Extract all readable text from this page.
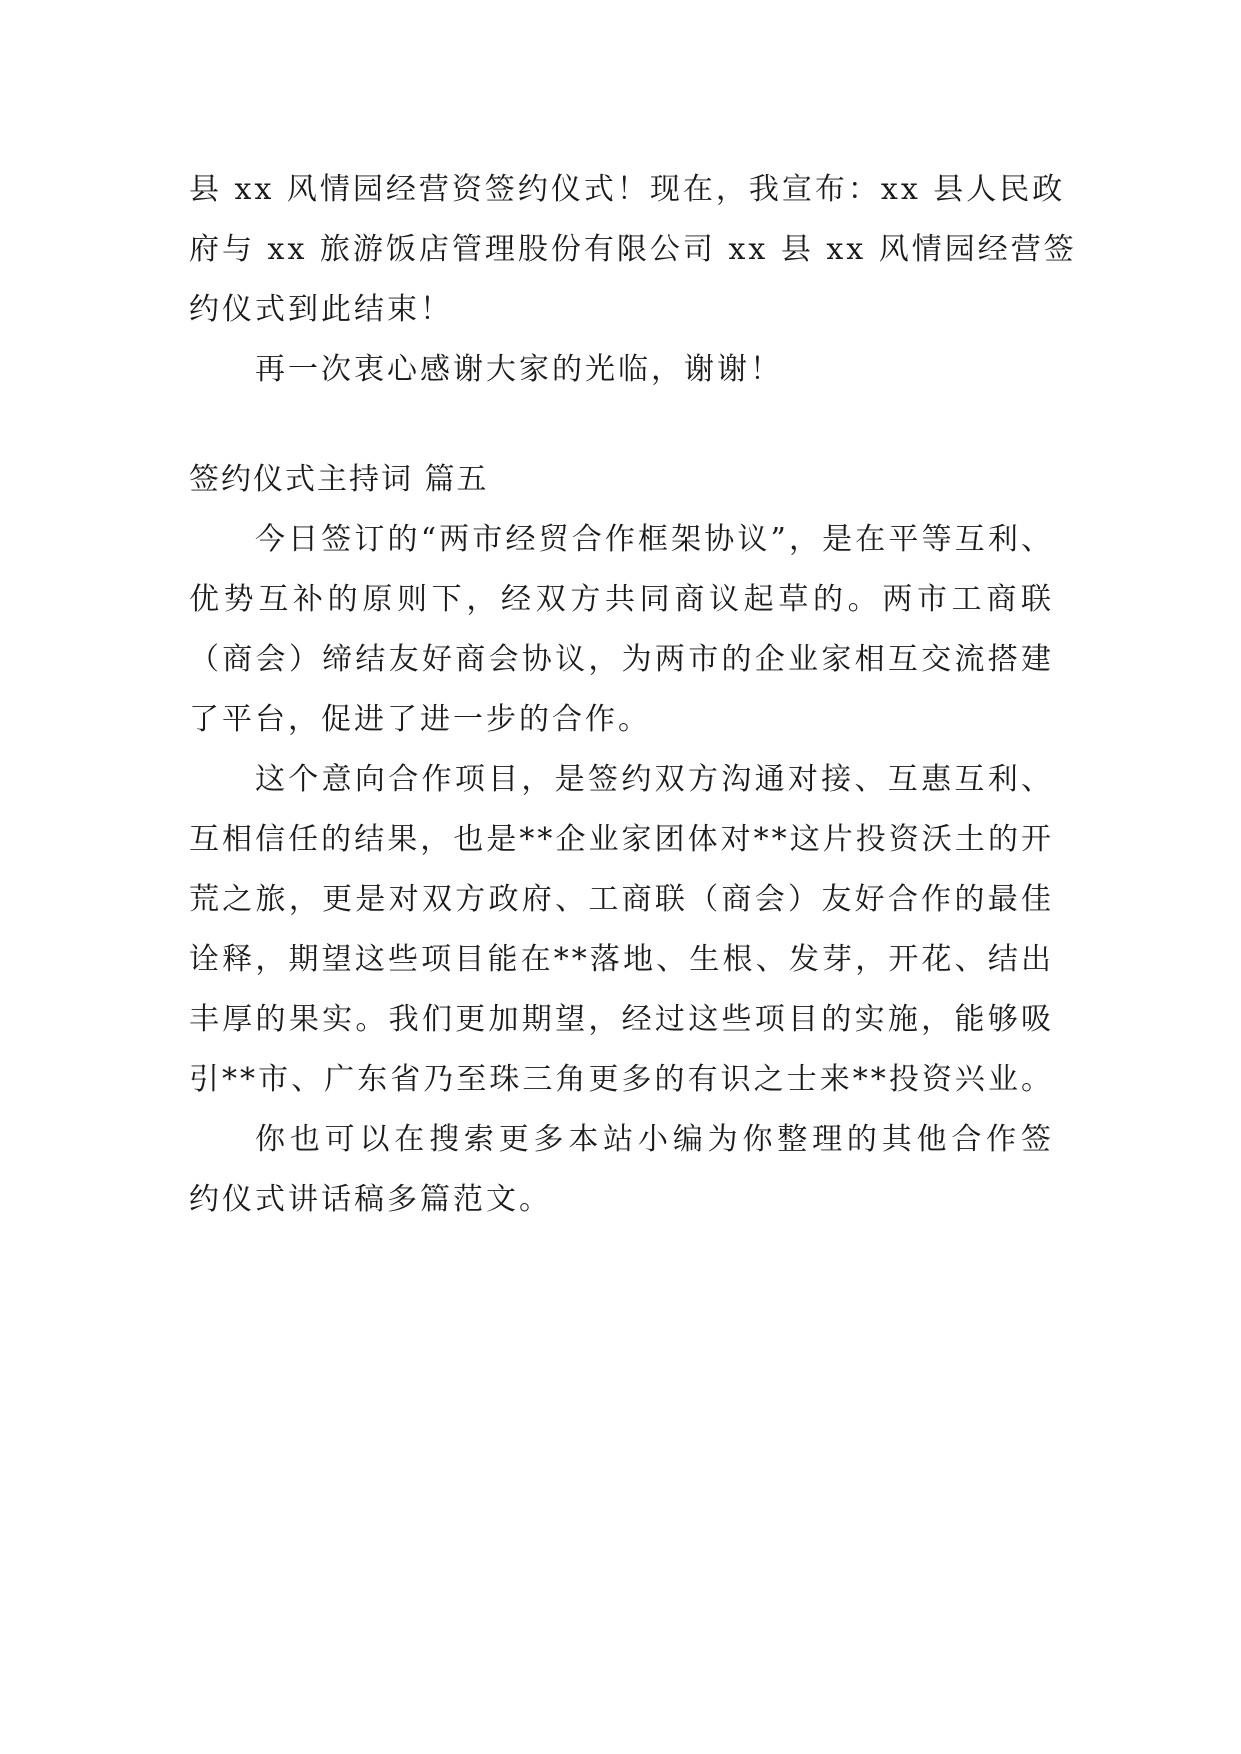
县 xx 风情园经营资签约仪式！现在，我宣布：xx 县人民政
府与 xx 旅游饭店管理股份有限公司 xx 县 xx 风情园经营签
约仪式到此结束！
再一次衷心感谢大家的光临，谢谢！
签约仪式主持词 篇五
今日签订的“两市经贸合作框架协议”，是在平等互利、
优势互补的原则下，经双方共同商议起草的。两市工商联
（商会）缔结友好商会协议，为两市的企业家相互交流搭建
了平台，促进了进一步的合作。
这个意向合作项目，是签约双方沟通对接、互惠互利、
互相信任的结果，也是**企业家团体对**这片投资沃土的开
荒之旅，更是对双方政府、工商联（商会）友好合作的最佳
诠释，期望这些项目能在**落地、生根、发芽，开花、结出
丰厚的果实。我们更加期望，经过这些项目的实施，能够吸
引**市、广东省乃至珠三角更多的有识之士来**投资兴业。
你也可以在搜索更多本站小编为你整理的其他合作签
约仪式讲话稿多篇范文。
